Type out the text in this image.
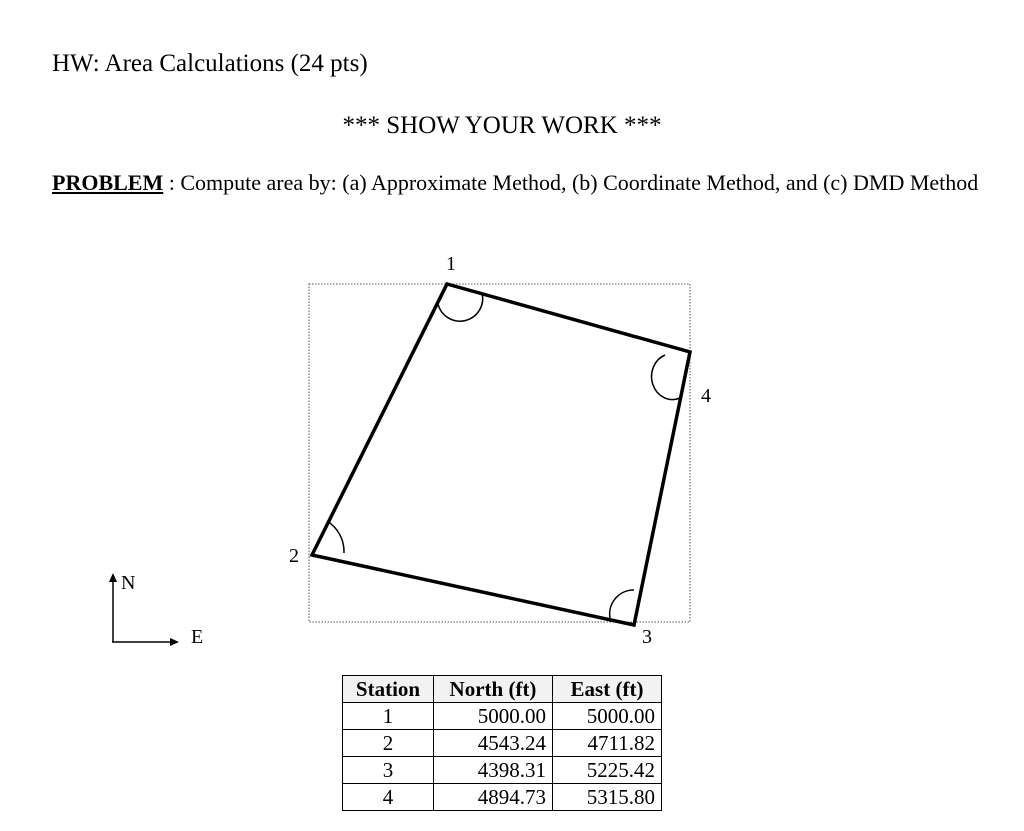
HW: Area Calculations (24 pts)
*** SHOW YOUR WORK ***
PROBLEM : Compute area by: (a) Approximate Method, (b) Coordinate Method, and (c) DMD Method
1
2
3
4
N
E
Station	North (ft)	East (ft)
1	5000.00	5000.00
2	4543.24	4711.82
3	4398.31	5225.42
4	4894.73	5315.80
